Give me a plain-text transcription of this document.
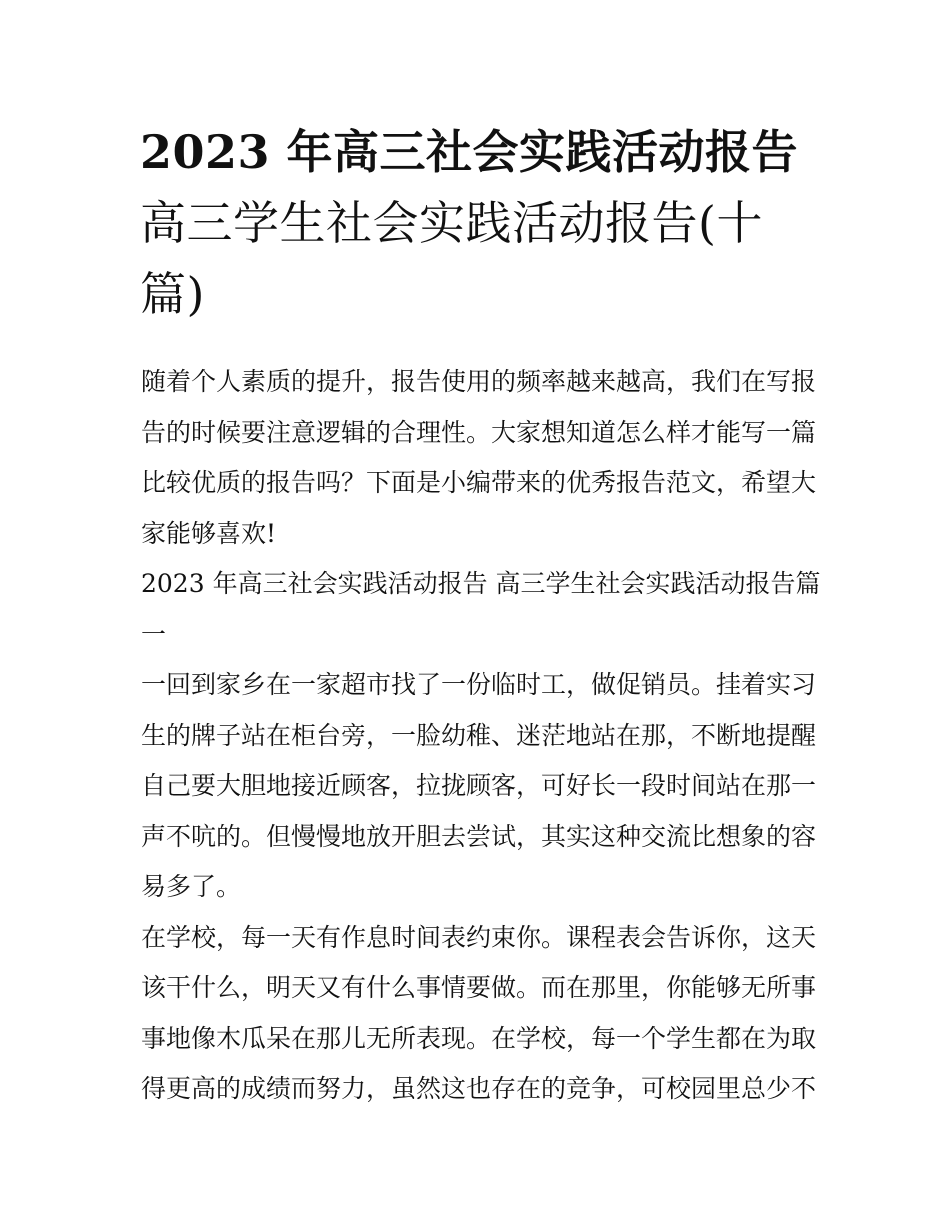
2023 年高三社会实践活动报告
高三学生社会实践活动报告(十
篇)

随着个人素质的提升，报告使用的频率越来越高，我们在写报
告的时候要注意逻辑的合理性。大家想知道怎么样才能写一篇
比较优质的报告吗？下面是小编带来的优秀报告范文，希望大
家能够喜欢!

2023 年高三社会实践活动报告 高三学生社会实践活动报告篇
一

一回到家乡在一家超市找了一份临时工，做促销员。挂着实习
生的牌子站在柜台旁，一脸幼稚、迷茫地站在那，不断地提醒
自己要大胆地接近顾客，拉拢顾客，可好长一段时间站在那一
声不吭的。但慢慢地放开胆去尝试，其实这种交流比想象的容
易多了。

在学校，每一天有作息时间表约束你。课程表会告诉你，这天
该干什么，明天又有什么事情要做。而在那里，你能够无所事
事地像木瓜呆在那儿无所表现。在学校，每一个学生都在为取
得更高的成绩而努力，虽然这也存在的竞争，可校园里总少不
